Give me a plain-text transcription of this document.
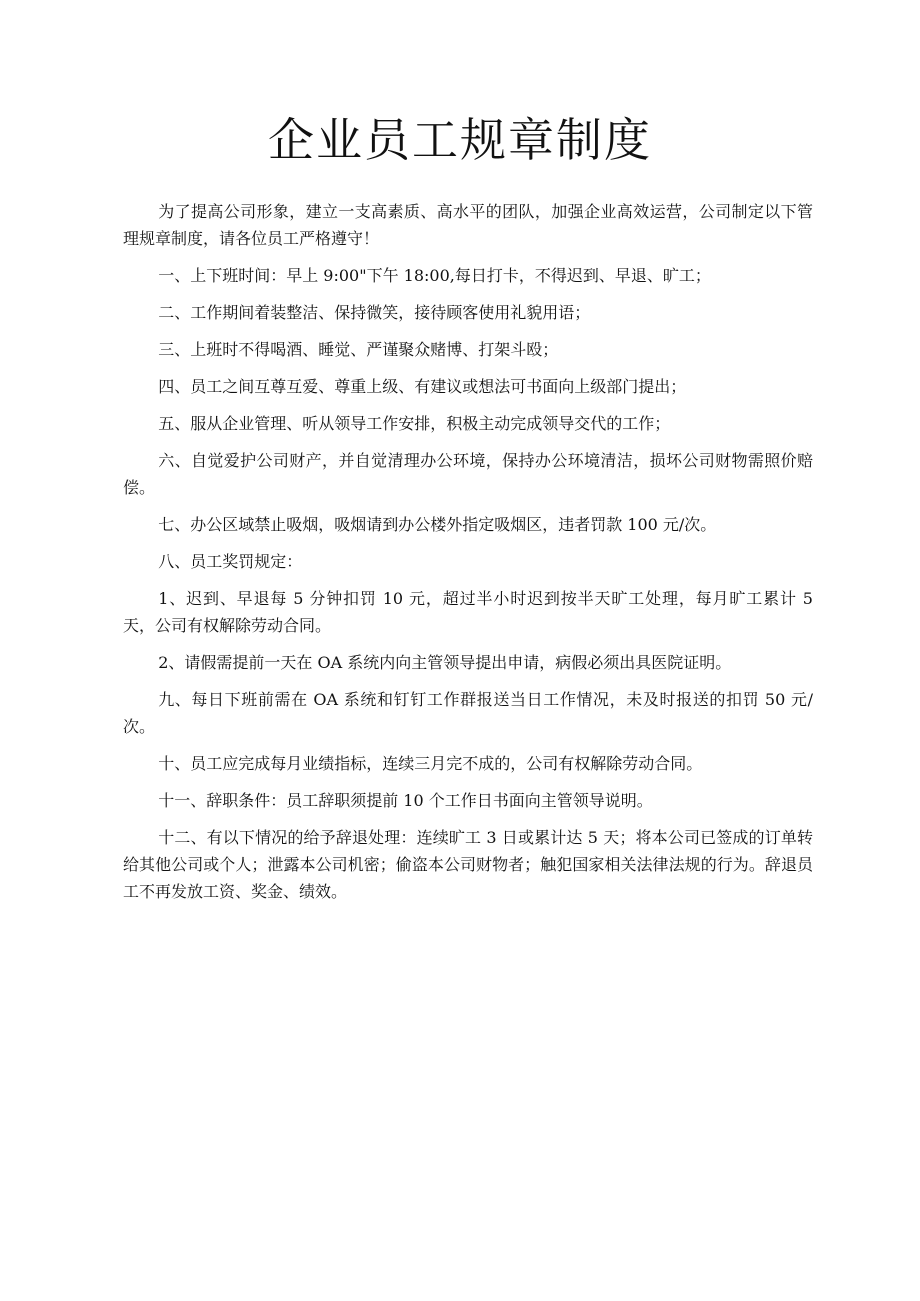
企业员工规章制度

为了提高公司形象，建立一支高素质、高水平的团队，加强企业高效运营，公司制定以下管理规章制度，请各位员工严格遵守！

一、上下班时间：早上 9:00"下午 18:00,每日打卡，不得迟到、早退、旷工；

二、工作期间着装整洁、保持微笑，接待顾客使用礼貌用语；

三、上班时不得喝酒、睡觉、严谨聚众赌博、打架斗殴；

四、员工之间互尊互爱、尊重上级、有建议或想法可书面向上级部门提出；

五、服从企业管理、听从领导工作安排，积极主动完成领导交代的工作；

六、自觉爱护公司财产，并自觉清理办公环境，保持办公环境清洁，损坏公司财物需照价赔偿。

七、办公区域禁止吸烟，吸烟请到办公楼外指定吸烟区，违者罚款 100 元/次。

八、员工奖罚规定：

1、迟到、早退每 5 分钟扣罚 10 元，超过半小时迟到按半天旷工处理，每月旷工累计 5 天，公司有权解除劳动合同。

2、请假需提前一天在 OA 系统内向主管领导提出申请，病假必须出具医院证明。

九、每日下班前需在 OA 系统和钉钉工作群报送当日工作情况，未及时报送的扣罚 50 元/次。

十、员工应完成每月业绩指标，连续三月完不成的，公司有权解除劳动合同。

十一、辞职条件：员工辞职须提前 10 个工作日书面向主管领导说明。

十二、有以下情况的给予辞退处理：连续旷工 3 日或累计达 5 天；将本公司已签成的订单转给其他公司或个人；泄露本公司机密；偷盗本公司财物者；触犯国家相关法律法规的行为。辞退员工不再发放工资、奖金、绩效。
